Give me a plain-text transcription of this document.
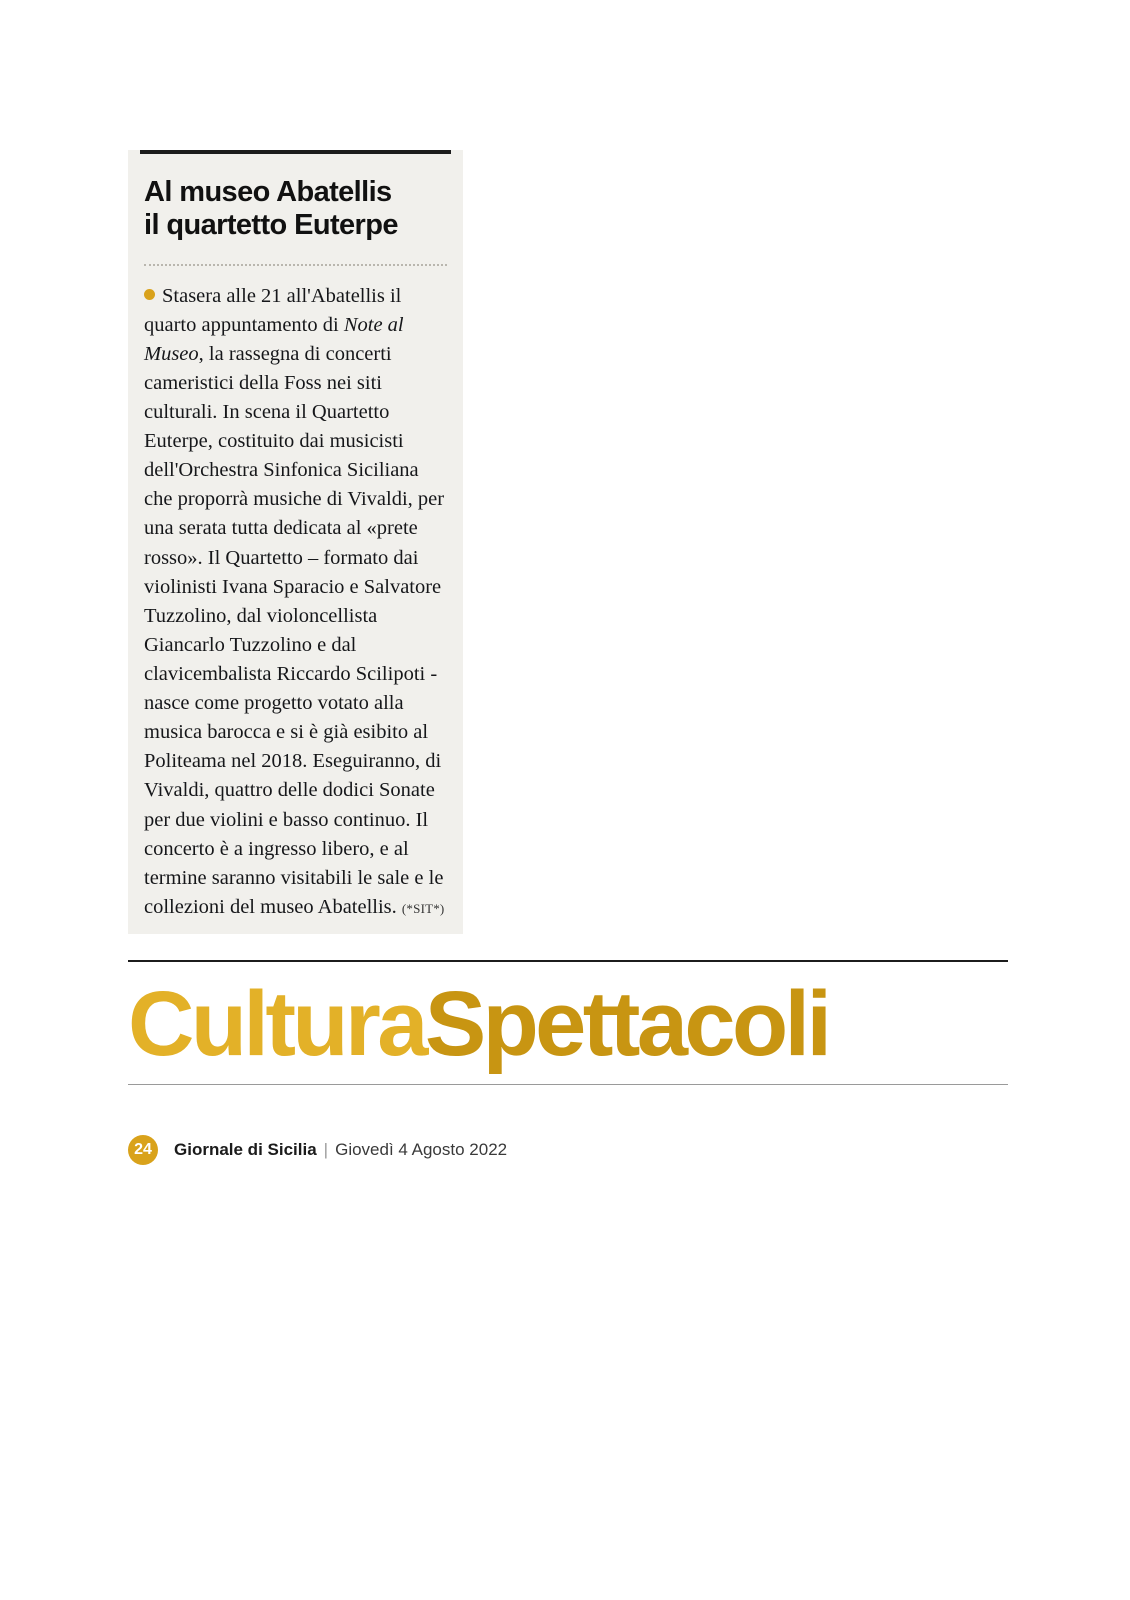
Al museo Abatellis
il quartetto Euterpe

Stasera alle 21 all'Abatellis il quarto appuntamento di Note al Museo, la rassegna di concerti cameristici della Foss nei siti culturali. In scena il Quartetto Euterpe, costituito dai musicisti dell'Orchestra Sinfonica Siciliana che proporrà musiche di Vivaldi, per una serata tutta dedicata al «prete rosso». Il Quartetto – formato dai violinisti Ivana Sparacio e Salvatore Tuzzolino, dal violoncellista Giancarlo Tuzzolino e dal clavicembalista Riccardo Scilipoti - nasce come progetto votato alla musica barocca e si è già esibito al Politeama nel 2018. Eseguiranno, di Vivaldi, quattro delle dodici Sonate per due violini e basso continuo. Il concerto è a ingresso libero, e al termine saranno visitabili le sale e le collezioni del museo Abatellis. (*SIT*)

CulturaSpettacoli
24	Giornale di Sicilia | Giovedì 4 Agosto 2022
